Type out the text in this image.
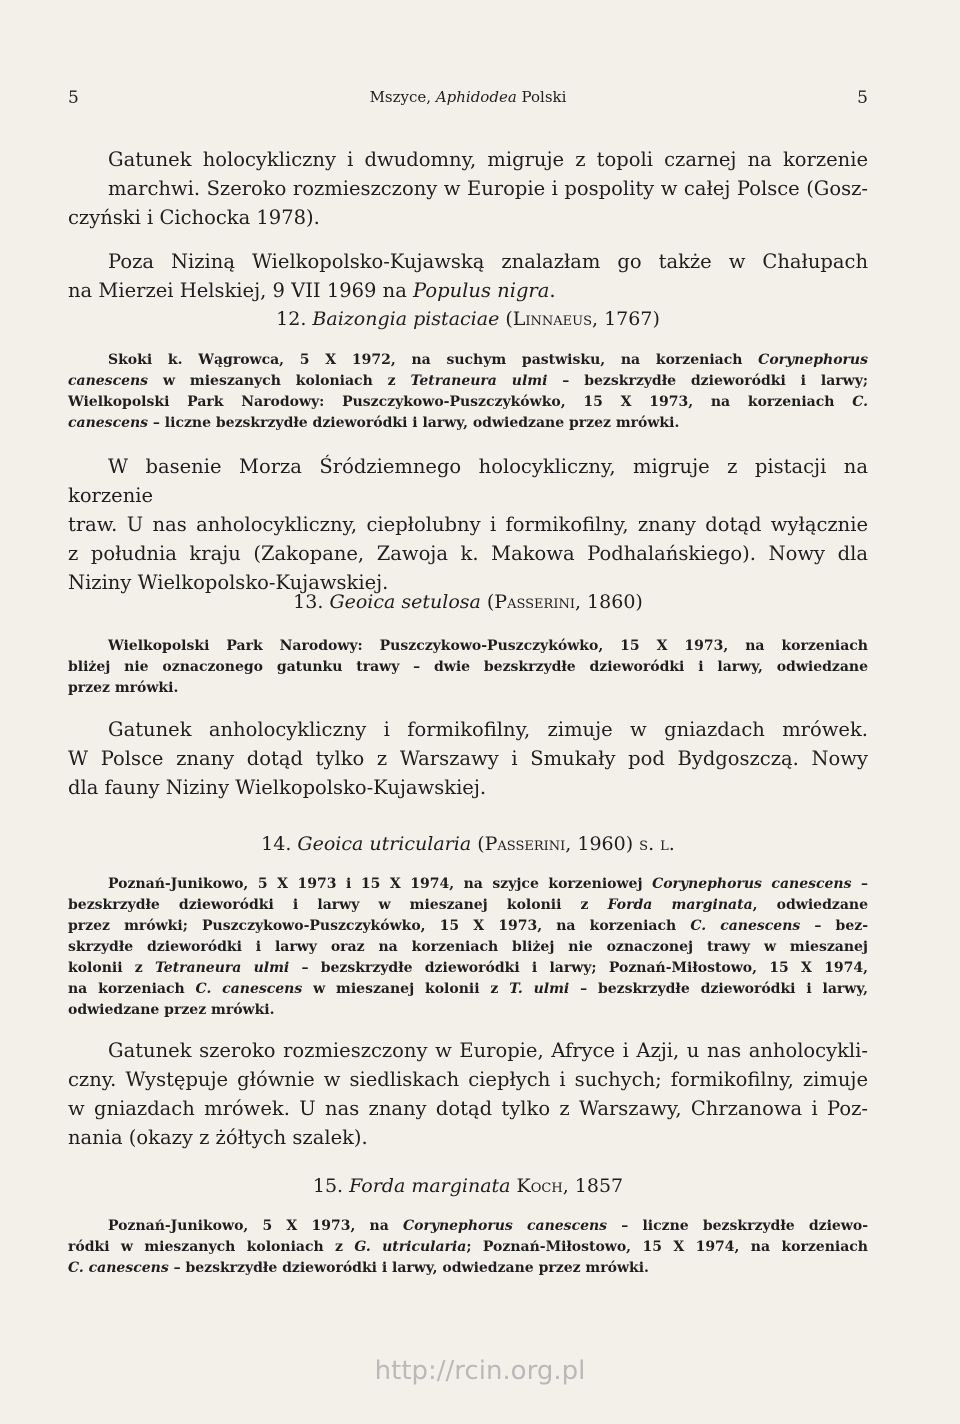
5	Mszyce, Aphidodea Polski	5
Gatunek holocykliczny i dwudomny, migruje z topoli czarnej na korzenie
marchwi. Szeroko rozmieszczony w Europie i pospolity w całej Polsce (Gosz-
czyński i Cichocka 1978).
Poza Niziną Wielkopolsko-Kujawską znalazłam go także w Chałupach
na Mierzei Helskiej, 9 VII 1969 na Populus nigra.
12. Baizongia pistaciae (Linnaeus, 1767)
Skoki k. Wągrowca, 5 X 1972, na suchym pastwisku, na korzeniach Corynephorus
canescens w mieszanych koloniach z Tetraneura ulmi – bezskrzydłe dzieworódki i larwy;
Wielkopolski Park Narodowy: Puszczykowo-Puszczykówko, 15 X 1973, na korzeniach C.
canescens – liczne bezskrzydłe dzieworódki i larwy, odwiedzane przez mrówki.
W basenie Morza Śródziemnego holocykliczny, migruje z pistacji na korzenie
traw. U nas anholocykliczny, ciepłolubny i formikofilny, znany dotąd wyłącznie
z południa kraju (Zakopane, Zawoja k. Makowa Podhalańskiego). Nowy dla
Niziny Wielkopolsko-Kujawskiej.
13. Geoica setulosa (Passerini, 1860)
Wielkopolski Park Narodowy: Puszczykowo-Puszczykówko, 15 X 1973, na korzeniach
bliżej nie oznaczonego gatunku trawy – dwie bezskrzydłe dzieworódki i larwy, odwiedzane
przez mrówki.
Gatunek anholocykliczny i formikofilny, zimuje w gniazdach mrówek.
W Polsce znany dotąd tylko z Warszawy i Smukały pod Bydgoszczą. Nowy
dla fauny Niziny Wielkopolsko-Kujawskiej.
14. Geoica utricularia (Passerini, 1960) s. l.
Poznań-Junikowo, 5 X 1973 i 15 X 1974, na szyjce korzeniowej Corynephorus canescens –
bezskrzydłe dzieworódki i larwy w mieszanej kolonii z Forda marginata, odwiedzane
przez mrówki; Puszczykowo-Puszczykówko, 15 X 1973, na korzeniach C. canescens – bez-
skrzydłe dzieworódki i larwy oraz na korzeniach bliżej nie oznaczonej trawy w mieszanej
kolonii z Tetraneura ulmi – bezskrzydłe dzieworódki i larwy; Poznań-Miłostowo, 15 X 1974,
na korzeniach C. canescens w mieszanej kolonii z T. ulmi – bezskrzydłe dzieworódki i larwy,
odwiedzane przez mrówki.
Gatunek szeroko rozmieszczony w Europie, Afryce i Azji, u nas anholocykli-
czny. Występuje głównie w siedliskach ciepłych i suchych; formikofilny, zimuje
w gniazdach mrówek. U nas znany dotąd tylko z Warszawy, Chrzanowa i Poz-
nania (okazy z żółtych szalek).
15. Forda marginata Koch, 1857
Poznań-Junikowo, 5 X 1973, na Corynephorus canescens – liczne bezskrzydłe dziewo-
ródki w mieszanych koloniach z G. utricularia; Poznań-Miłostowo, 15 X 1974, na korzeniach
C. canescens – bezskrzydłe dzieworódki i larwy, odwiedzane przez mrówki.
http://rcin.org.pl
